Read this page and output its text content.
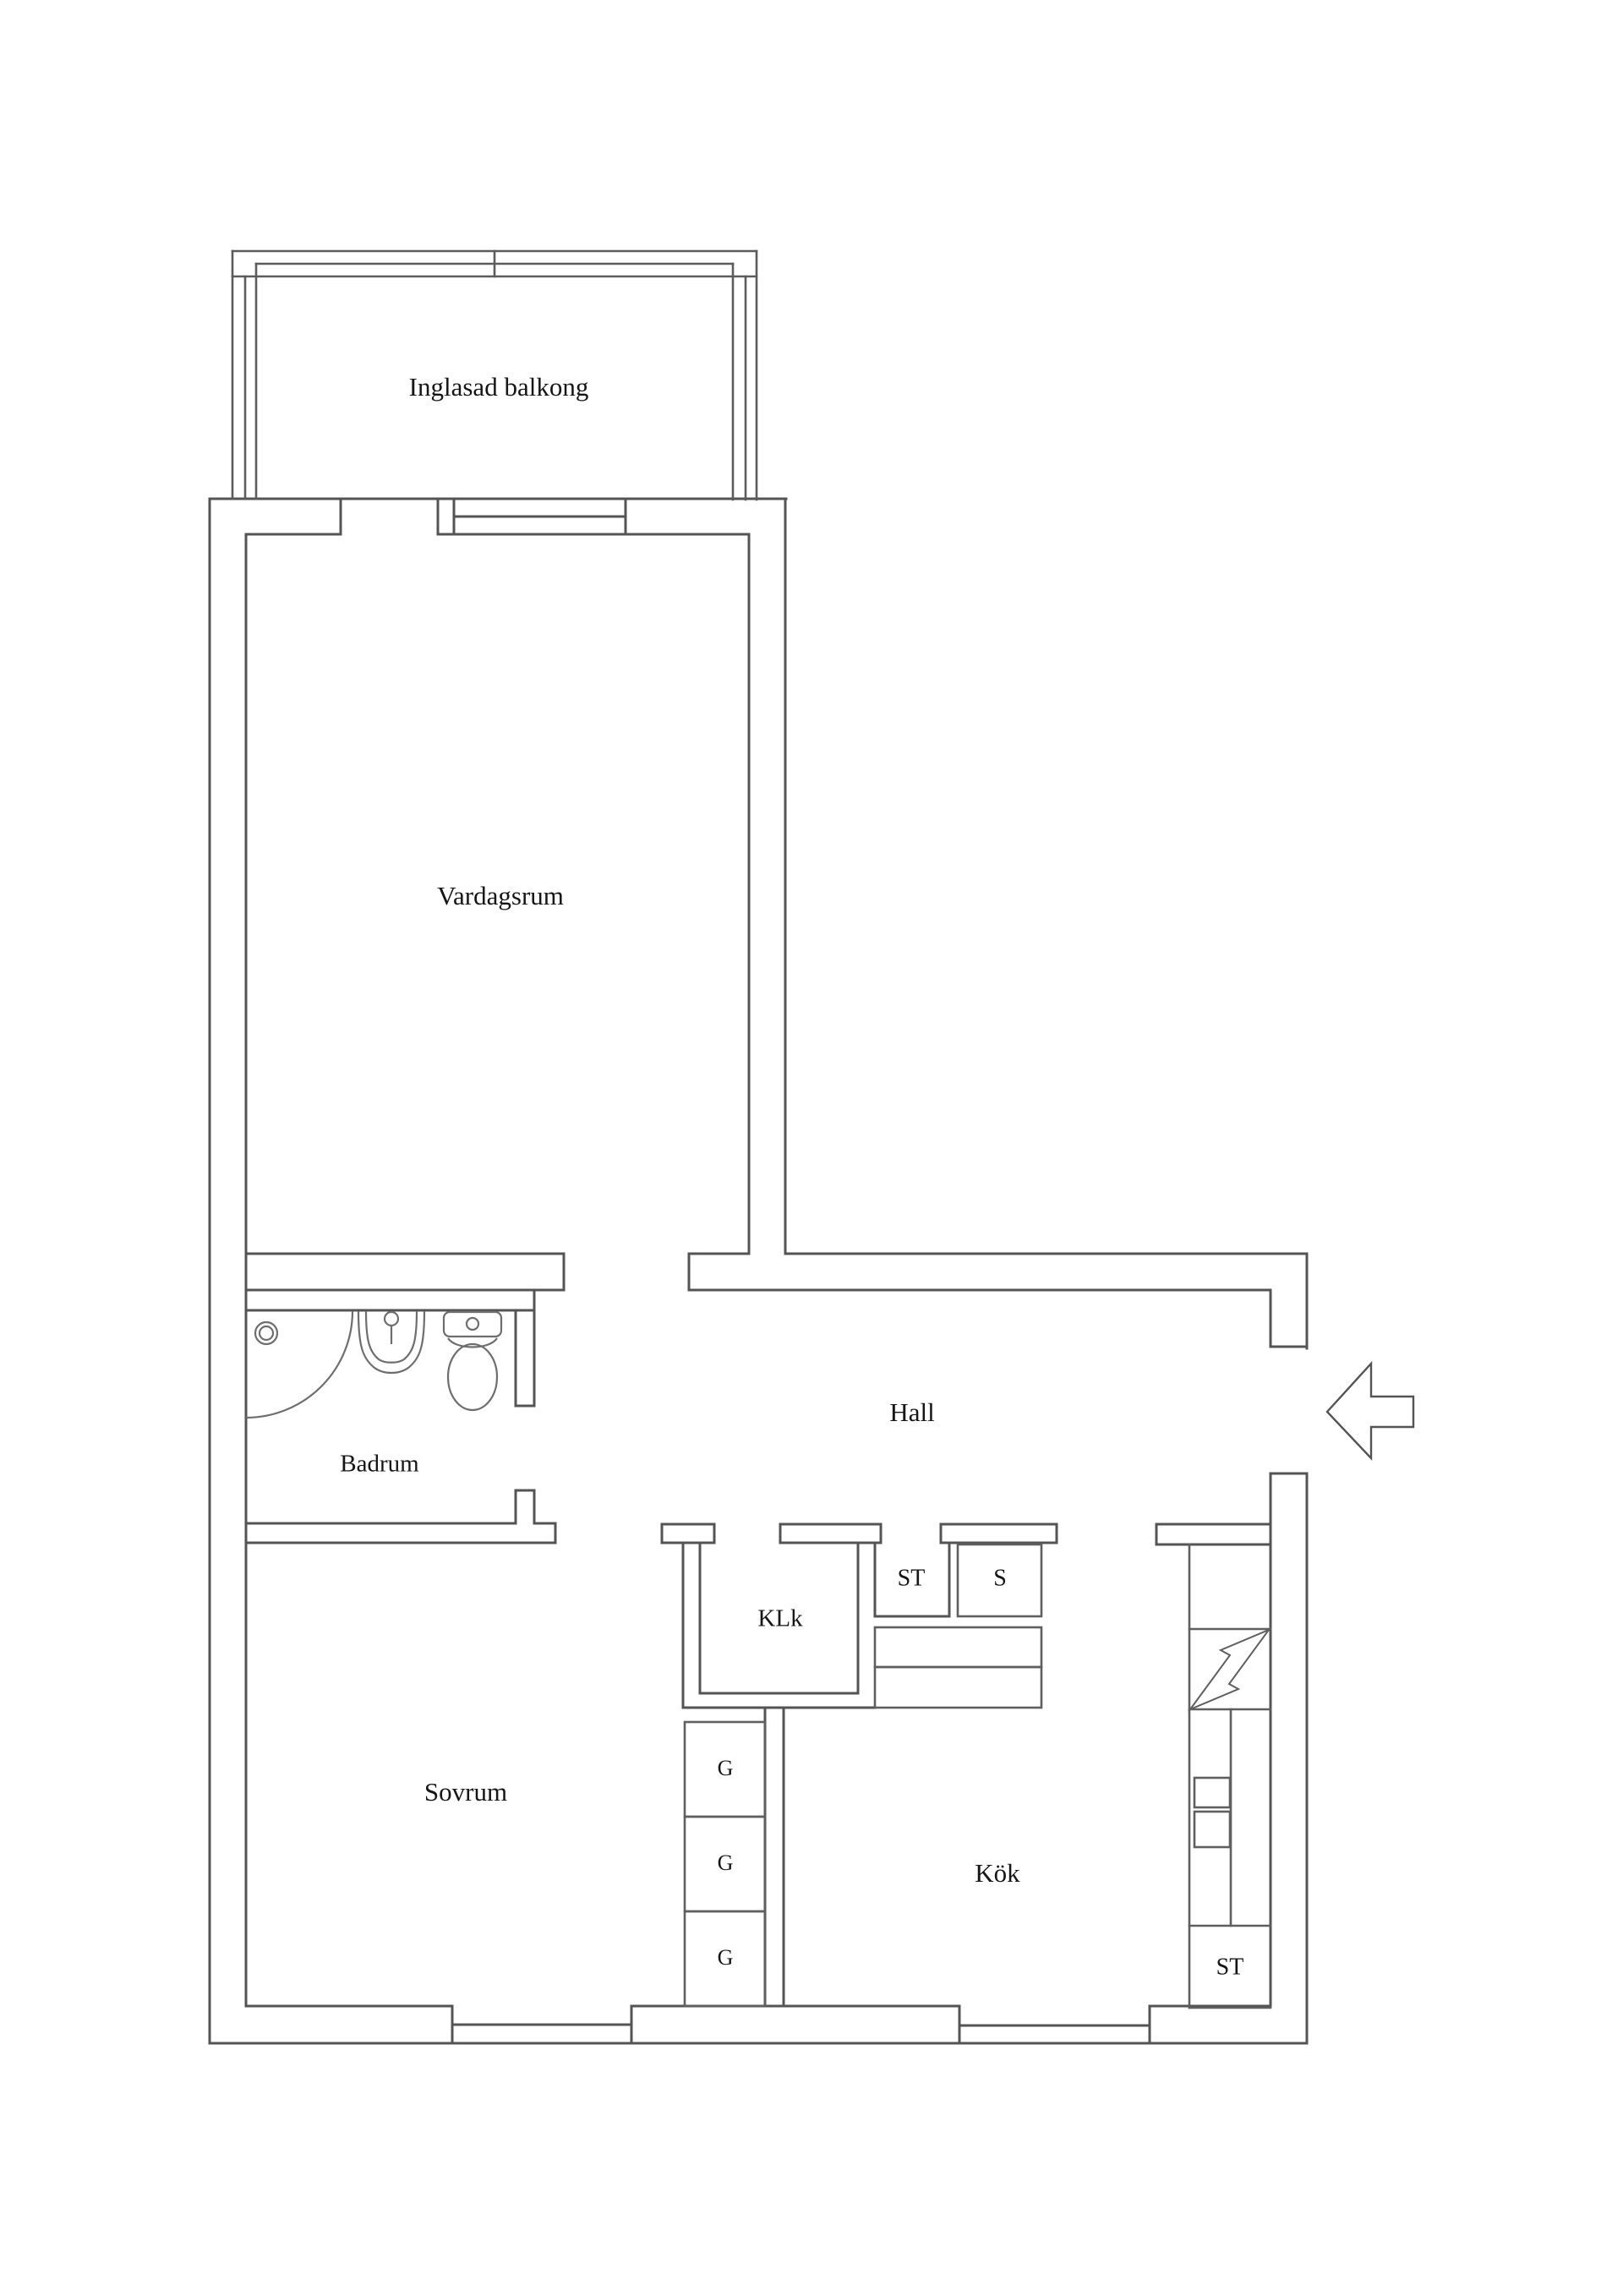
Inglasad balkong
Vardagsrum
Badrum
Hall
KLk
ST	S
Sovrum
Kök
G
G
G	ST
